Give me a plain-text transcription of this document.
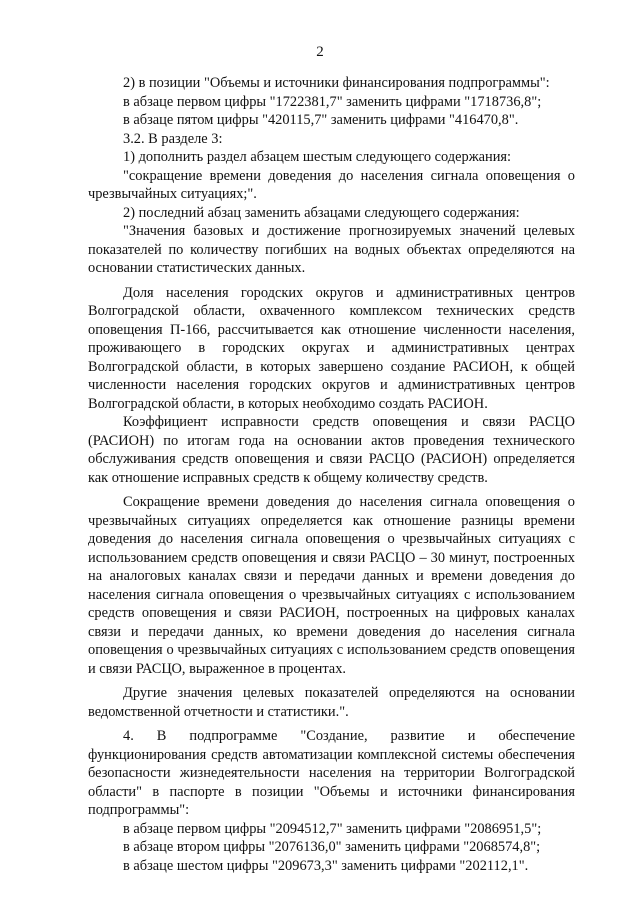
2

2) в позиции "Объемы и источники финансирования подпрограммы":

в абзаце первом цифры "1722381,7" заменить цифрами "1718736,8";

в абзаце пятом цифры "420115,7" заменить цифрами "416470,8".

3.2. В разделе 3:

1) дополнить раздел абзацем шестым следующего содержания:

"сокращение времени доведения до населения сигнала оповещения о чрезвычайных ситуациях;".

2) последний абзац заменить абзацами следующего содержания:

"Значения базовых и достижение прогнозируемых значений целевых показателей по количеству погибших на водных объектах определяются на основании статистических данных.

Доля населения городских округов и административных центров Волгоградской области, охваченного комплексом технических средств оповещения П-166, рассчитывается как отношение численности населения, проживающего в городских округах и административных центрах Волгоградской области, в которых завершено создание РАСИОН, к общей численности населения городских округов и административных центров Волгоградской области, в которых необходимо создать РАСИОН.

Коэффициент исправности средств оповещения и связи РАСЦО (РАСИОН) по итогам года на основании актов проведения технического обслуживания средств оповещения и связи РАСЦО (РАСИОН) определяется как отношение исправных средств к общему количеству средств.

Сокращение времени доведения до населения сигнала оповещения о чрезвычайных ситуациях определяется как отношение разницы времени доведения до населения сигнала оповещения о чрезвычайных ситуациях с использованием средств оповещения и связи РАСЦО – 30 минут, построенных на аналоговых каналах связи и передачи данных и времени доведения до населения сигнала оповещения о чрезвычайных ситуациях с использованием средств оповещения и связи РАСИОН, построенных на цифровых каналах связи и передачи данных, ко времени доведения до населения сигнала оповещения о чрезвычайных ситуациях с использованием средств оповещения и связи РАСЦО, выраженное в процентах.

Другие значения целевых показателей определяются на основании ведомственной отчетности и статистики.".

4. В подпрограмме "Создание, развитие и обеспечение функционирования средств автоматизации комплексной системы обеспечения безопасности жизнедеятельности населения на территории Волгоградской области" в паспорте в позиции "Объемы и источники финансирования подпрограммы":

в абзаце первом цифры "2094512,7" заменить цифрами "2086951,5";

в абзаце втором цифры "2076136,0" заменить цифрами "2068574,8";

в абзаце шестом цифры "209673,3" заменить цифрами "202112,1".
